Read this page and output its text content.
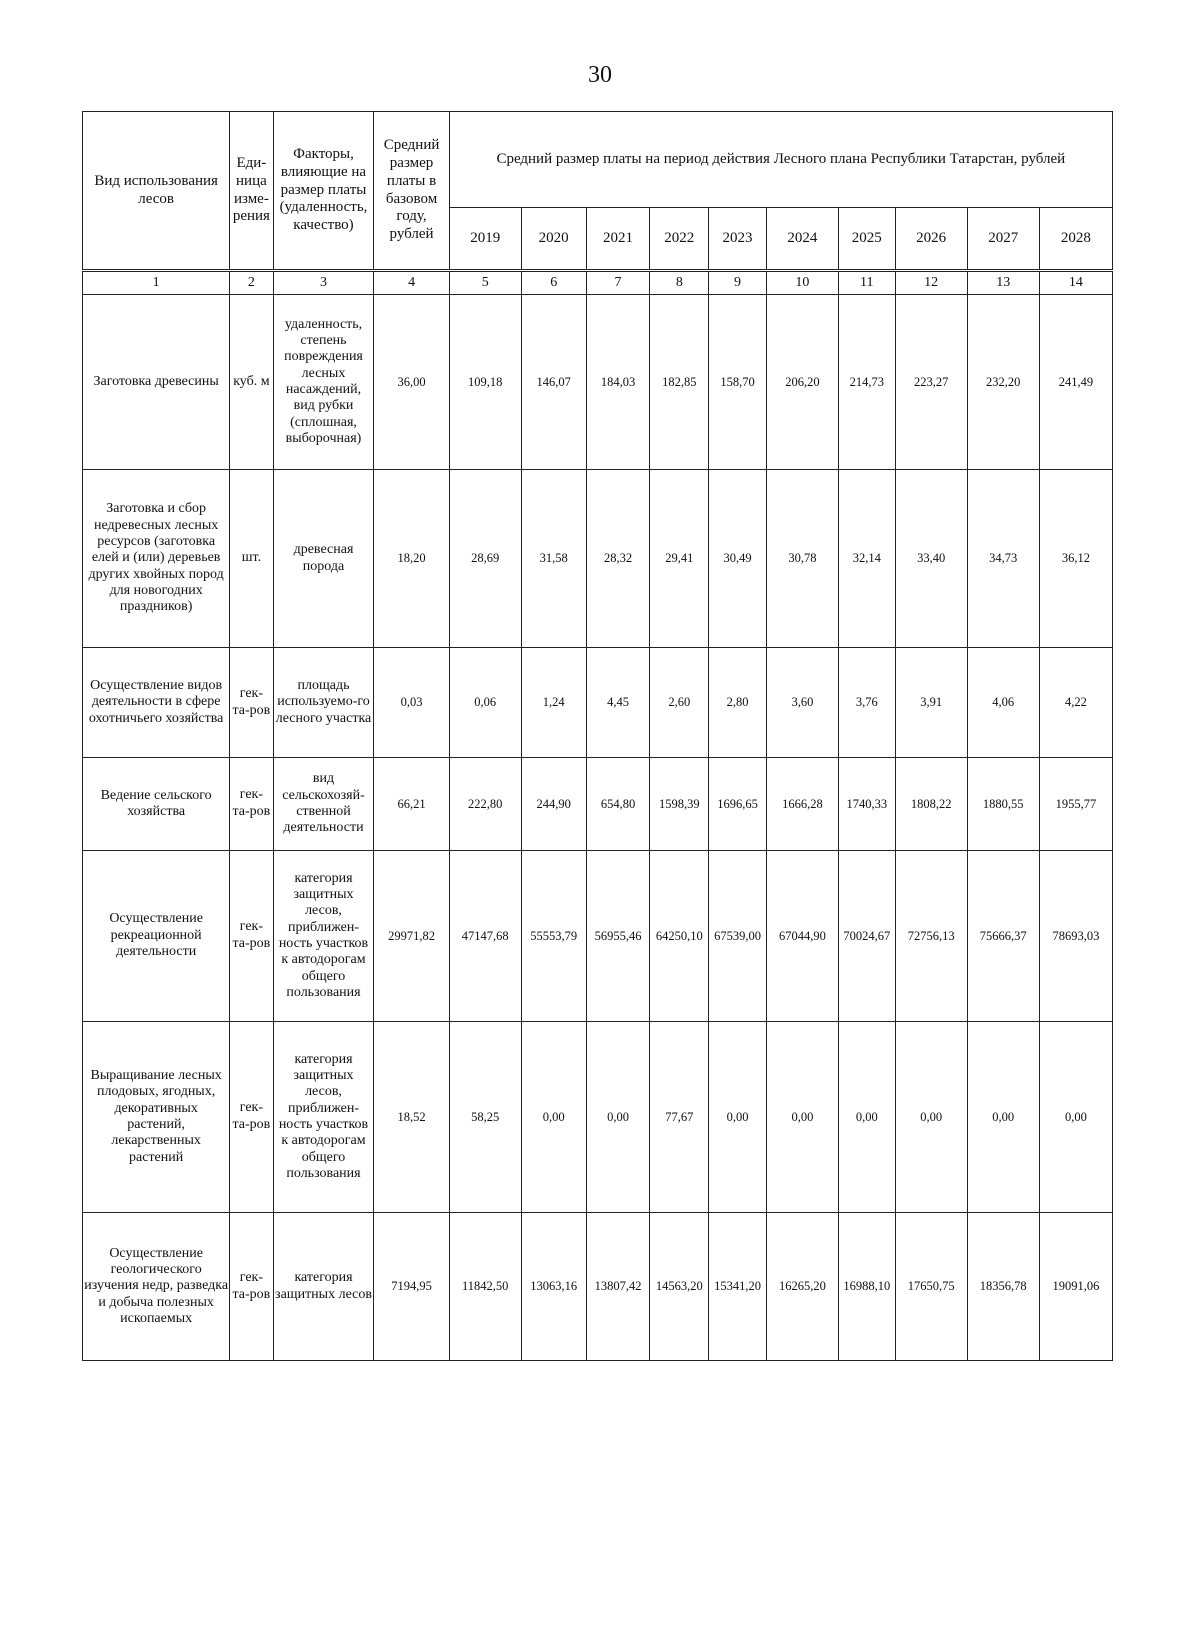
30
Вид использования лесов	Еди-ница изме-рения	Факторы, влияющие на размер платы (удаленность, качество)	Средний размер платы в базовом году, рублей	Средний размер платы на период действия Лесного плана Республики Татарстан, рублей									
				2019	2020	2021	2022	2023	2024	2025	2026	2027	2028
1	2	3	4	5	6	7	8	9	10	11	12	13	14
Заготовка древесины	куб. м	удаленность, степень повреждения лесных насаждений, вид рубки (сплошная, выборочная)	36,00	109,18	146,07	184,03	182,85	158,70	206,20	214,73	223,27	232,20	241,49
Заготовка и сбор недревесных лесных ресурсов (заготовка елей и (или) деревьев других хвойных пород для новогодних праздников)	шт.	древесная порода	18,20	28,69	31,58	28,32	29,41	30,49	30,78	32,14	33,40	34,73	36,12
Осуществление видов деятельности в сфере охотничьего хозяйства	гек-та-ров	площадь используемо-го лесного участка	0,03	0,06	1,24	4,45	2,60	2,80	3,60	3,76	3,91	4,06	4,22
Ведение сельского хозяйства	гек-та-ров	вид сельскохозяй-ственной деятельности	66,21	222,80	244,90	654,80	1598,39	1696,65	1666,28	1740,33	1808,22	1880,55	1955,77
Осуществление рекреационной деятельности	гек-та-ров	категория защитных лесов, приближен-ность участков к автодорогам общего пользования	29971,82	47147,68	55553,79	56955,46	64250,10	67539,00	67044,90	70024,67	72756,13	75666,37	78693,03
Выращивание лесных плодовых, ягодных, декоративных растений, лекарственных растений	гек-та-ров	категория защитных лесов, приближен-ность участков к автодорогам общего пользования	18,52	58,25	0,00	0,00	77,67	0,00	0,00	0,00	0,00	0,00	0,00
Осуществление геологического изучения недр, разведка и добыча полезных ископаемых	гек-та-ров	категория защитных лесов	7194,95	11842,50	13063,16	13807,42	14563,20	15341,20	16265,20	16988,10	17650,75	18356,78	19091,06
